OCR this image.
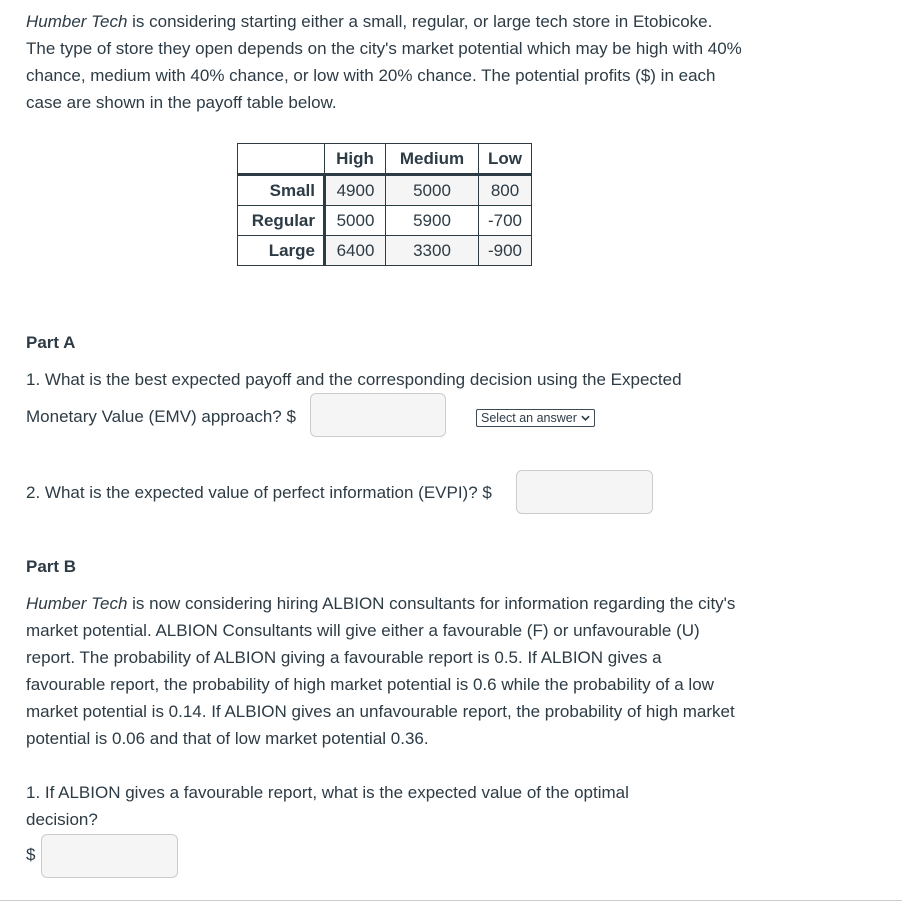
Humber Tech is considering starting either a small, regular, or large tech store in Etobicoke. The type of store they open depends on the city's market potential which may be high with 40% chance, medium with 40% chance, or low with 20% chance. The potential profits ($) in each case are shown in the payoff table below.

	High	Medium	Low
Small	4900	5000	800
Regular	5000	5900	-700
Large	6400	3300	-900

Part A

1. What is the best expected payoff and the corresponding decision using the Expected

Monetary Value (EMV) approach? $	Select an answer

2. What is the expected value of perfect information (EVPI)? $

Part B

Humber Tech is now considering hiring ALBION consultants for information regarding the city's market potential. ALBION Consultants will give either a favourable (F) or unfavourable (U) report. The probability of ALBION giving a favourable report is 0.5. If ALBION gives a favourable report, the probability of high market potential is 0.6 while the probability of a low market potential is 0.14. If ALBION gives an unfavourable report, the probability of high market potential is 0.06 and that of low market potential 0.36.

1. If ALBION gives a favourable report, what is the expected value of the optimal decision?

$
